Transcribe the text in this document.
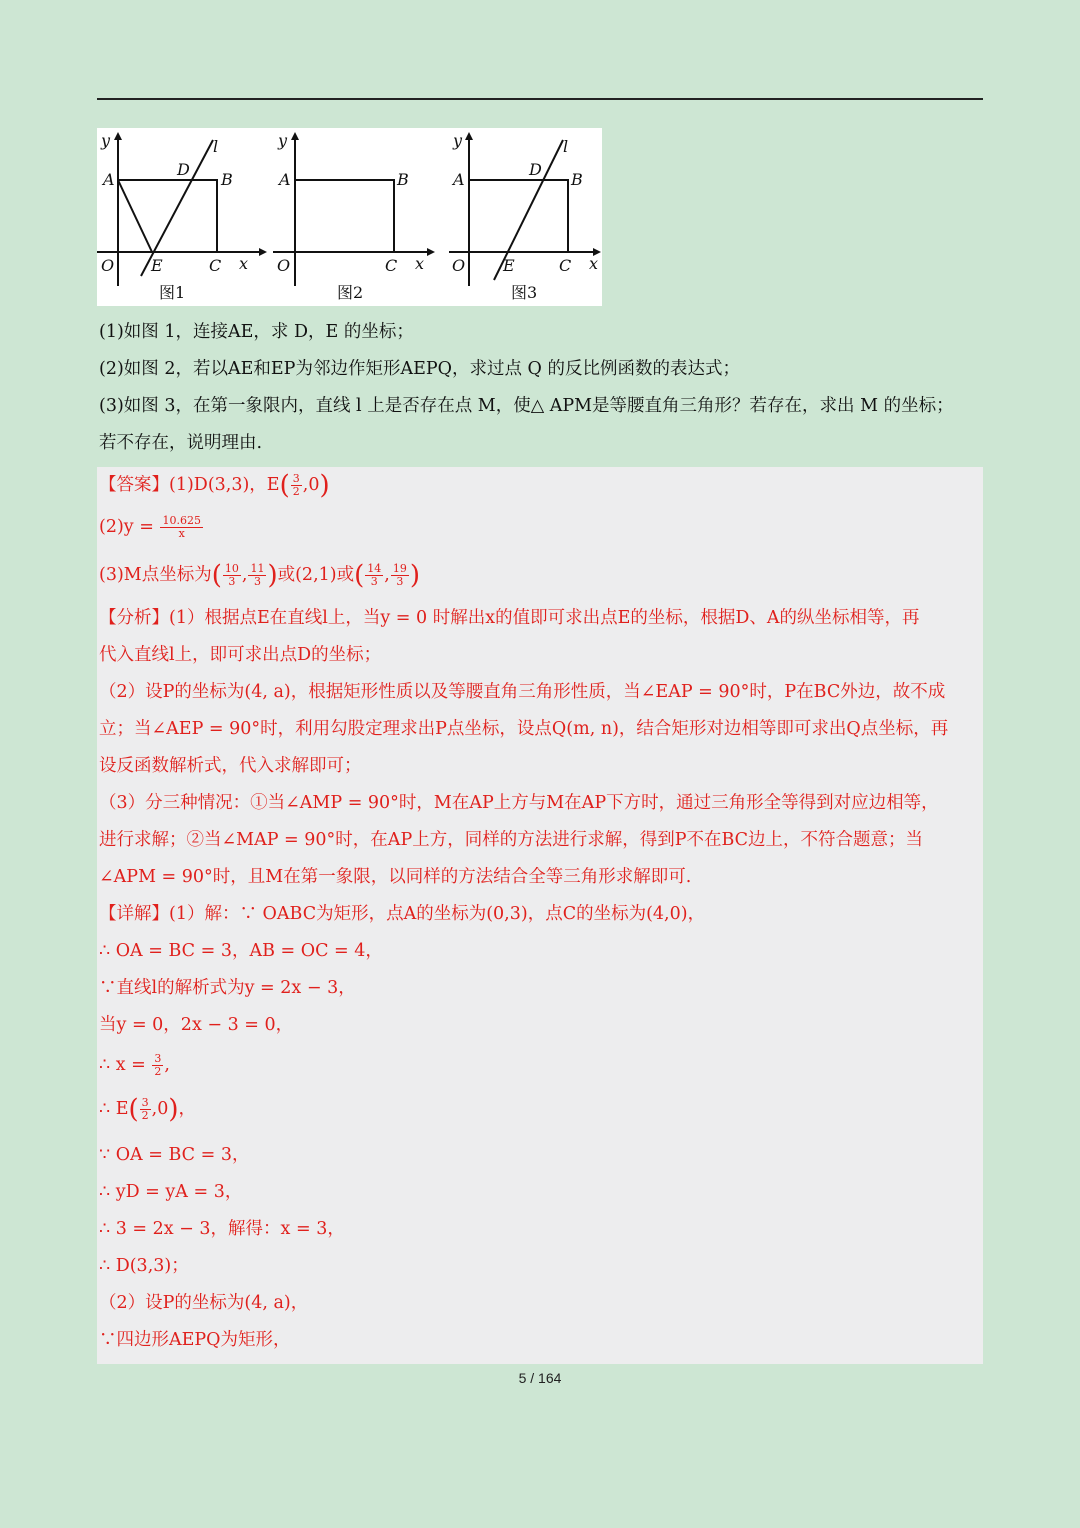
y	l
D
A	B
O E	C x
图1
y
A	B
O	C x
图2
y	l
D
A	B
O E	C x
图3
(1)如图 1，连接AE，求 D，E 的坐标；
(2)如图 2，若以AE和EP为邻边作矩形AEPQ，求过点 Q 的反比例函数的表达式；
(3)如图 3，在第一象限内，直线 l 上是否存在点 M，使△ APM是等腰直角三角形？若存在，求出 M 的坐标；
若不存在，说明理由.
【答案】(1)D(3,3)，$E( \frac{3}{2} ,0)$
$(2)y = \frac{10.625}{x}$
(3)M点坐标为( $\frac{10}{3}$ , $\frac{11}{3}$ )或(2,1)或( $\frac{14}{3}$ , $\frac{19}{3}$ )
【分析】(1）根据点E在直线l上，当y = 0 时解出x的值即可求出点E的坐标，根据D、A的纵坐标相等，再
代入直线l上，即可求出点D的坐标；
（2）设P的坐标为(4, a)，根据矩形性质以及等腰直角三角形性质，当∠EAP = 90°时，P在BC外边，故不成
立；当∠AEP = 90°时，利用勾股定理求出P点坐标，设点Q(m, n)，结合矩形对边相等即可求出Q点坐标，再
设反函数解析式，代入求解即可；
（3）分三种情况：①当∠AMP = 90°时，M在AP上方与M在AP下方时，通过三角形全等得到对应边相等，
进行求解；②当∠MAP = 90°时，在AP上方，同样的方法进行求解，得到P不在BC边上，不符合题意；当
∠APM = 90°时，且M在第一象限，以同样的方法结合全等三角形求解即可.
【详解】(1）解：∵ OABC为矩形，点A的坐标为(0,3)，点C的坐标为(4,0)，
∴ OA = BC = 3，AB = OC = 4，
∵直线l的解析式为y = 2x − 3，
当y = 0，2x − 3 = 0，
∴ $x = \frac{3}{2}$ ,
∴ $E( \frac{3}{2} ,0)$，
∵ OA = BC = 3，
∴ yD = yA = 3，
∴ 3 = 2x − 3，解得：x = 3，
∴ D(3,3)；
（2）设P的坐标为(4, a)，
∵四边形AEPQ为矩形，
5 / 164
